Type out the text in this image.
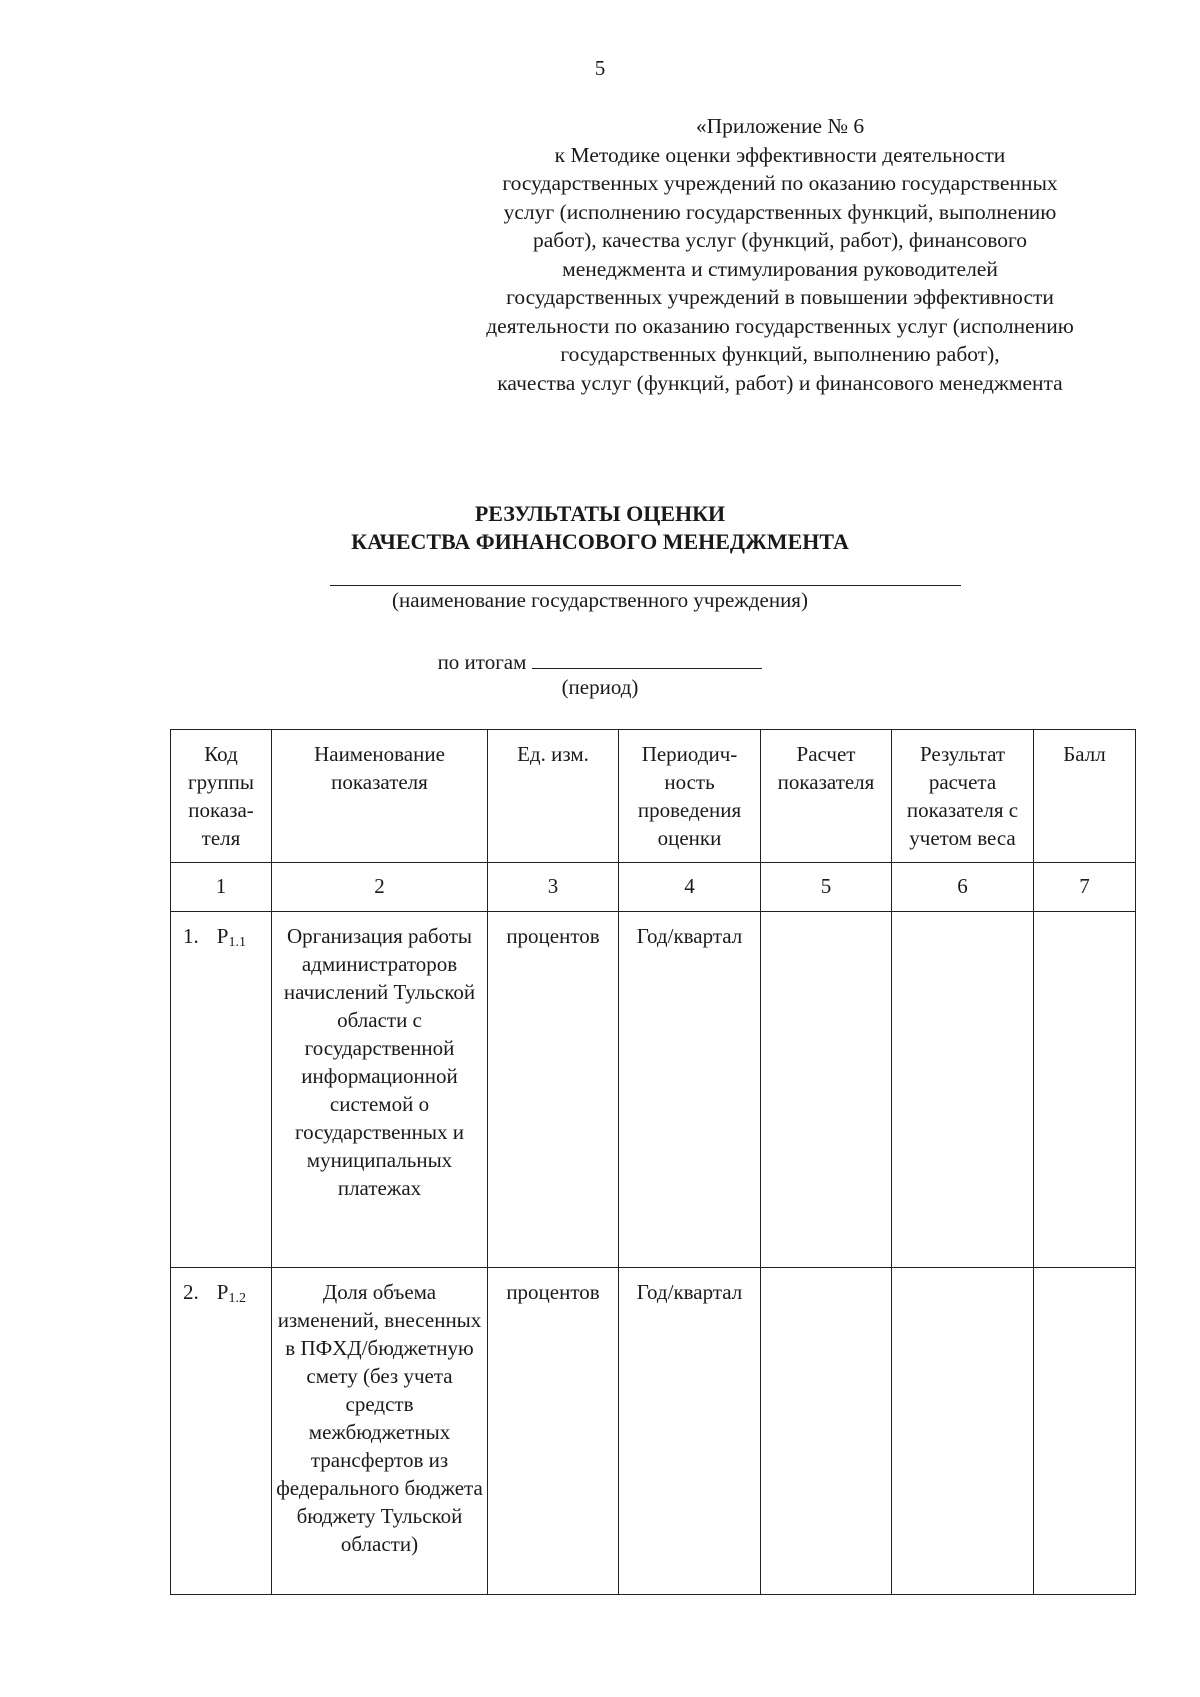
5
«Приложение № 6
к Методике оценки эффективности деятельности
государственных учреждений по оказанию государственных
услуг (исполнению государственных функций, выполнению
работ), качества услуг (функций, работ), финансового
менеджмента и стимулирования руководителей
государственных учреждений в повышении эффективности
деятельности по оказанию государственных услуг (исполнению
государственных функций, выполнению работ),
качества услуг (функций, работ) и финансового менеджмента
РЕЗУЛЬТАТЫ ОЦЕНКИ
КАЧЕСТВА ФИНАНСОВОГО МЕНЕДЖМЕНТА
(наименование государственного учреждения)
по итогам
(период)
Код группы показа-теля	Наименование показателя	Ед. изм.	Периодич-ность проведения оценки	Расчет показателя	Результат расчета показателя с учетом веса	Балл
1	2	3	4	5	6	7
1. $P_{1.1}$	Организация работы администраторов начислений Тульской области с государственной информационной системой о государственных и муниципальных платежах	процентов	Год/квартал			
2. $P_{1.2}$	Доля объема изменений, внесенных в ПФХД/бюджетную смету (без учета средств межбюджетных трансфертов из федерального бюджета бюджету Тульской области)	процентов	Год/квартал			
